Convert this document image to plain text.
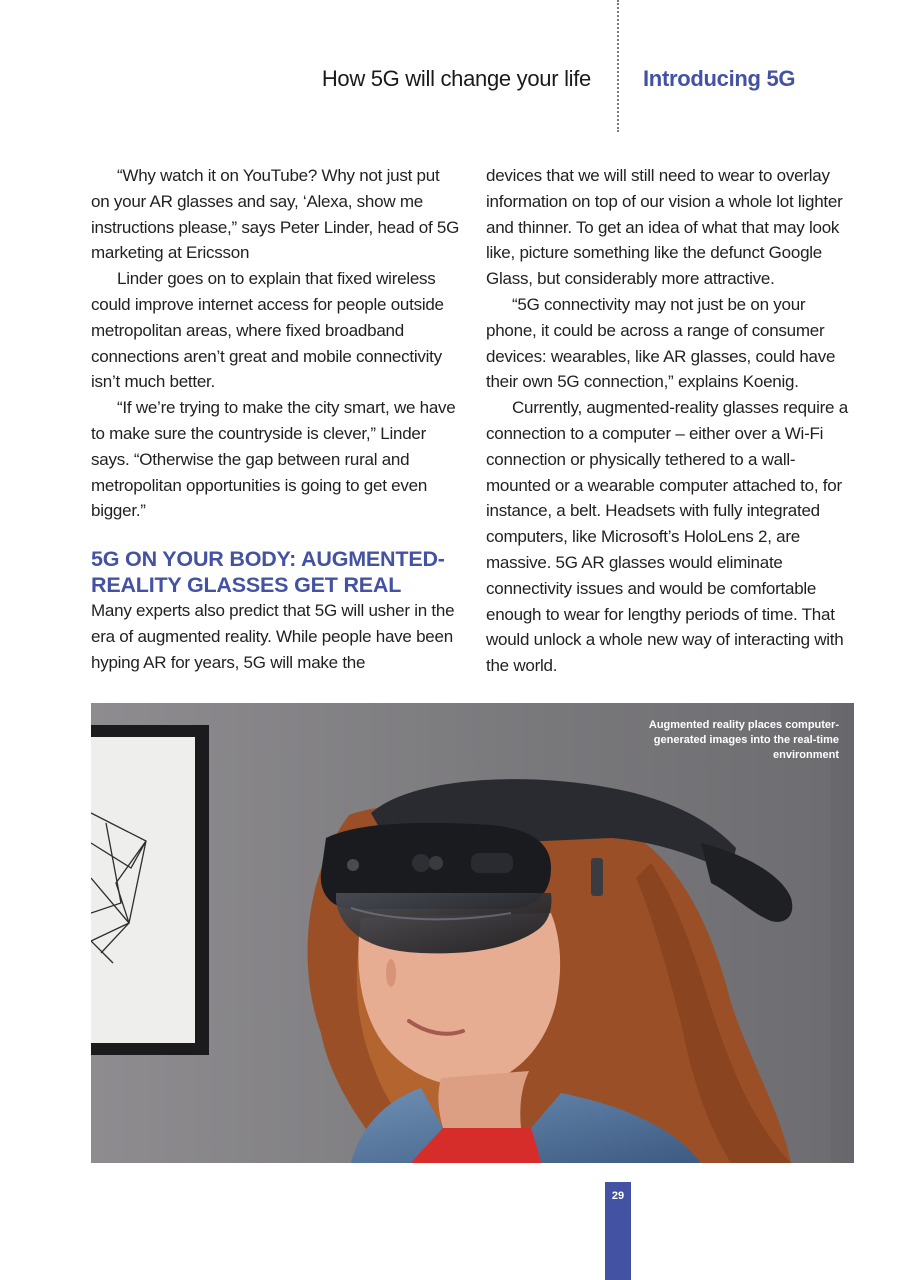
How 5G will change your life Introducing 5G

“Why watch it on YouTube? Why not just put on your AR glasses and say, ‘Alexa, show me instructions please,” says Peter Linder, head of 5G marketing at Ericsson

Linder goes on to explain that fixed wireless could improve internet access for people outside metropolitan areas, where fixed broadband connections aren’t great and mobile connectivity isn’t much better.

“If we’re trying to make the city smart, we have to make sure the countryside is clever,” Linder says. “Otherwise the gap between rural and metropolitan opportunities is going to get even bigger.”

5G ON YOUR BODY: AUGMENTED-REALITY GLASSES GET REAL

Many experts also predict that 5G will usher in the era of augmented reality. While people have been hyping AR for years, 5G will make the

devices that we will still need to wear to overlay information on top of our vision a whole lot lighter and thinner. To get an idea of what that may look like, picture something like the defunct Google Glass, but considerably more attractive.

“5G connectivity may not just be on your phone, it could be across a range of consumer devices: wearables, like AR glasses, could have their own 5G connection,” explains Koenig.

Currently, augmented-reality glasses require a connection to a computer – either over a Wi-Fi connection or physically tethered to a wall-mounted or a wearable computer attached to, for instance, a belt. Headsets with fully integrated computers, like Microsoft’s HoloLens 2, are massive. 5G AR glasses would eliminate connectivity issues and would be comfortable enough to wear for lengthy periods of time. That would unlock a whole new way of interacting with the world.

Augmented reality places computer-generated images into the real-time environment
29
